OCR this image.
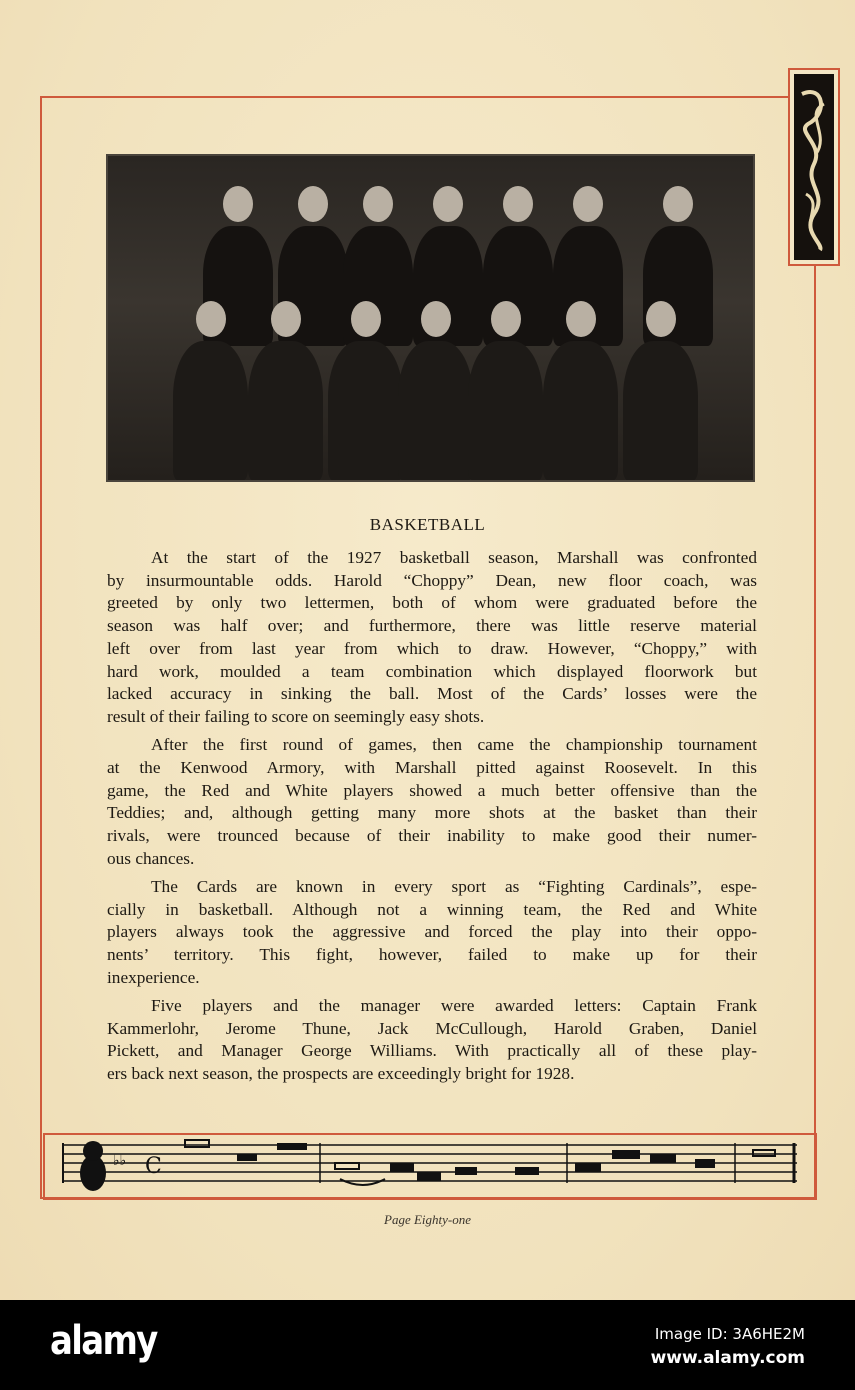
BASKETBALL
At the start of the 1927 basketball season, Marshall was confronted
by insurmountable odds. Harold “Choppy” Dean, new floor coach, was
greeted by only two lettermen, both of whom were graduated before the
season was half over; and furthermore, there was little reserve material
left over from last year from which to draw. However, “Choppy,” with
hard work, moulded a team combination which displayed floorwork but
lacked accuracy in sinking the ball. Most of the Cards’ losses were the
result of their failing to score on seemingly easy shots.
After the first round of games, then came the championship tournament
at the Kenwood Armory, with Marshall pitted against Roosevelt. In this
game, the Red and White players showed a much better offensive than the
Teddies; and, although getting many more shots at the basket than their
rivals, were trounced because of their inability to make good their numer-
ous chances.
The Cards are known in every sport as “Fighting Cardinals”, espe-
cially in basketball. Although not a winning team, the Red and White
players always took the aggressive and forced the play into their oppo-
nents’ territory. This fight, however, failed to make up for their
inexperience.
Five players and the manager were awarded letters: Captain Frank
Kammerlohr, Jerome Thune, Jack McCullough, Harold Graben, Daniel
Pickett, and Manager George Williams. With practically all of these play-
ers back next season, the prospects are exceedingly bright for 1928.
♭♭ C
Page Eighty-one
alamy	Image ID: 3A6HE2M
www.alamy.com
